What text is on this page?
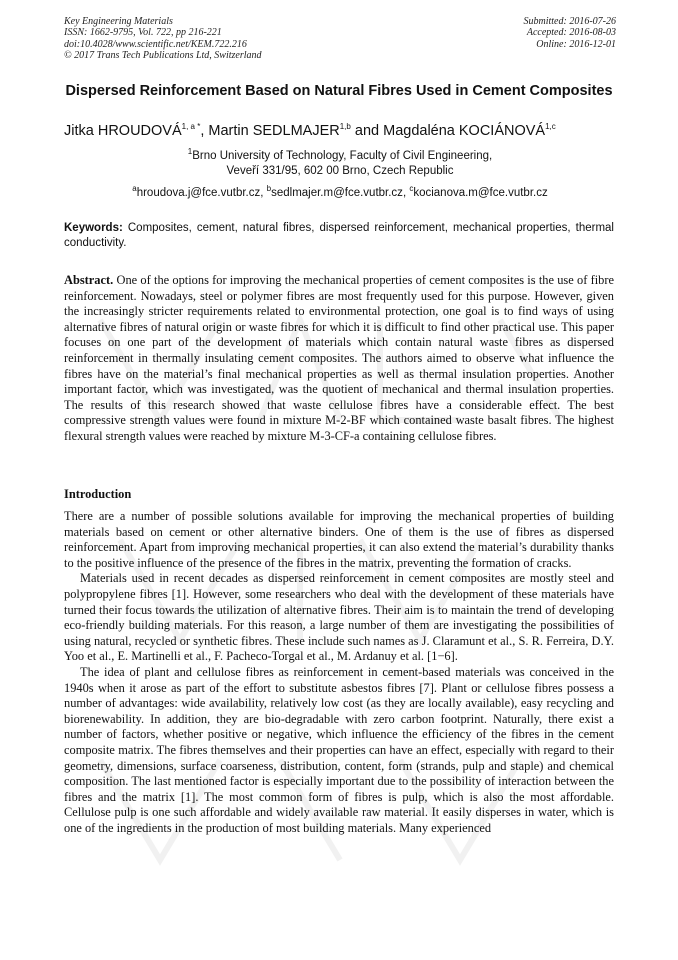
Key Engineering Materials
ISSN: 1662-9795, Vol. 722, pp 216-221
doi:10.4028/www.scientific.net/KEM.722.216
© 2017 Trans Tech Publications Ltd, Switzerland
Submitted: 2016-07-26
Accepted: 2016-08-03
Online: 2016-12-01
Dispersed Reinforcement Based on Natural Fibres Used in Cement Composites
Jitka $HROUDOVÁ^{1, a *}$, Martin SEDLMAJER$^{1,b}$ and Magdaléna KOCIÁNOVÁ$^{1,c}$
$^1$Brno University of Technology, Faculty of Civil Engineering,
Veveří 331/95, 602 00 Brno, Czech Republic
$^a$hroudova.j@fce.vutbr.cz, $^b$sedlmajer.m@fce.vutbr.cz, $^c$kocianova.m@fce.vutbr.cz
Keywords: Composites, cement, natural fibres, dispersed reinforcement, mechanical properties, thermal conductivity.
Abstract. One of the options for improving the mechanical properties of cement composites is the use of fibre reinforcement. Nowadays, steel or polymer fibres are most frequently used for this purpose. However, given the increasingly stricter requirements related to environmental protection, one goal is to find ways of using alternative fibres of natural origin or waste fibres for which it is difficult to find other practical use. This paper focuses on one part of the development of materials which contain natural waste fibres as dispersed reinforcement in thermally insulating cement composites. The authors aimed to observe what influence the fibres have on the material’s final mechanical properties as well as thermal insulation properties. Another important factor, which was investigated, was the quotient of mechanical and thermal insulation properties. The results of this research showed that waste cellulose fibres have a considerable effect. The best compressive strength values were found in mixture M-2-BF which contained waste basalt fibres. The highest flexural strength values were reached by mixture M-3-CF-a containing cellulose fibres.
Introduction

There are a number of possible solutions available for improving the mechanical properties of building materials based on cement or other alternative binders. One of them is the use of fibres as dispersed reinforcement. Apart from improving mechanical properties, it can also extend the material’s durability thanks to the positive influence of the presence of the fibres in the matrix, preventing the formation of cracks.

Materials used in recent decades as dispersed reinforcement in cement composites are mostly steel and polypropylene fibres [1]. However, some researchers who deal with the development of these materials have turned their focus towards the utilization of alternative fibres. Their aim is to maintain the trend of developing eco-friendly building materials. For this reason, a large number of them are investigating the possibilities of using natural, recycled or synthetic fibres. These include such names as J. Claramunt et al., S. R. Ferreira, D.Y. Yoo et al., E. Martinelli et al., F. Pacheco-Torgal et al., M. Ardanuy et al. [1−6].

The idea of plant and cellulose fibres as reinforcement in cement-based materials was conceived in the 1940s when it arose as part of the effort to substitute asbestos fibres [7]. Plant or cellulose fibres possess a number of advantages: wide availability, relatively low cost (as they are locally available), easy recycling and biorenewability. In addition, they are bio-degradable with zero carbon footprint. Naturally, there exist a number of factors, whether positive or negative, which influence the efficiency of the fibres in the cement composite matrix. The fibres themselves and their properties can have an effect, especially with regard to their geometry, dimensions, surface coarseness, distribution, content, form (strands, pulp and staple) and chemical composition. The last mentioned factor is especially important due to the possibility of interaction between the fibres and the matrix [1]. The most common form of fibres is pulp, which is also the most affordable. Cellulose pulp is one such affordable and widely available raw material. It easily disperses in water, which is one of the ingredients in the production of most building materials. Many experienced
